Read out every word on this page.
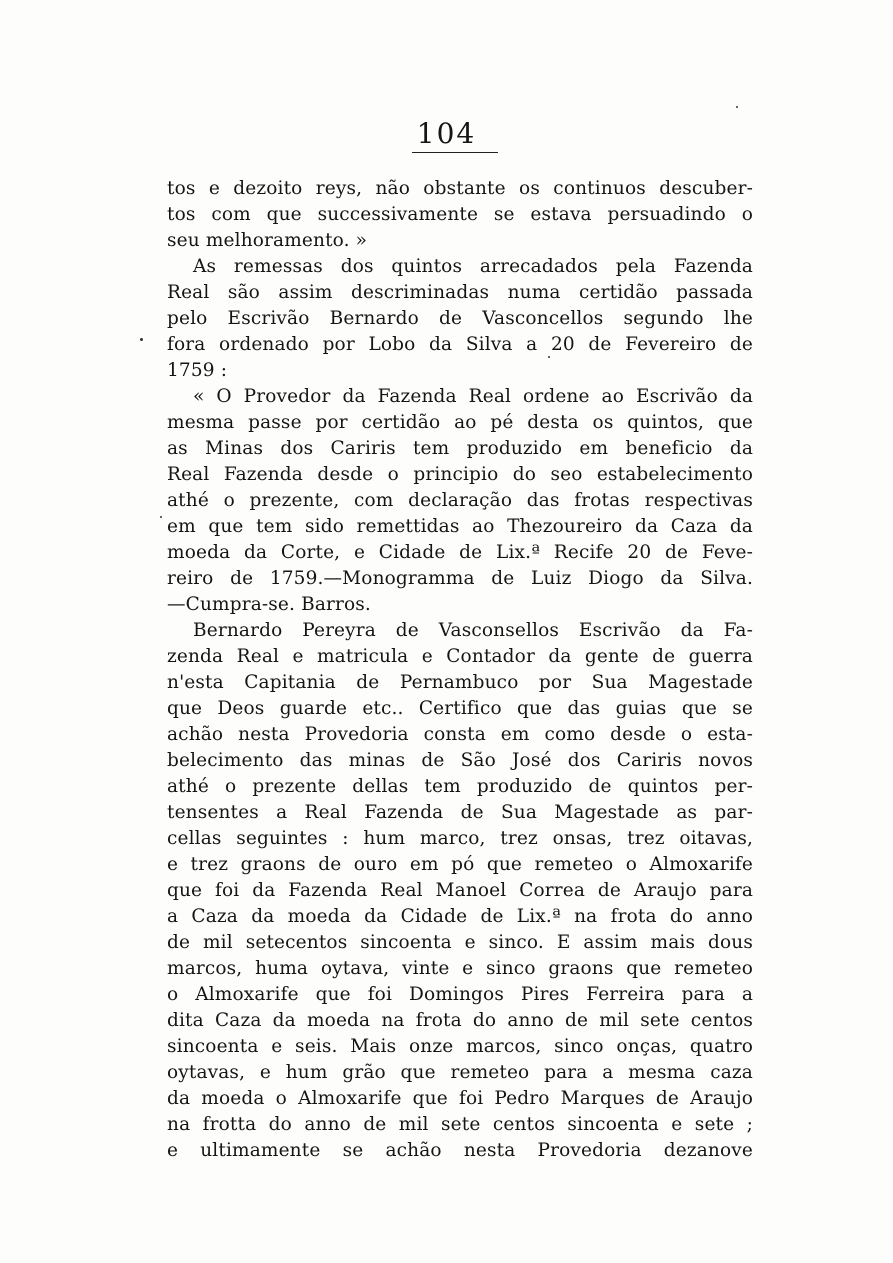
104
tos e dezoito reys, não obstante os continuos descuber-
tos com que successivamente se estava persuadindo o
seu melhoramento. »
As remessas dos quintos arrecadados pela Fazenda
Real são assim descriminadas numa certidão passada
pelo Escrivão Bernardo de Vasconcellos segundo lhe
fora ordenado por Lobo da Silva a 20 de Fevereiro de
1759 :
« O Provedor da Fazenda Real ordene ao Escrivão da
mesma passe por certidão ao pé desta os quintos, que
as Minas dos Cariris tem produzido em beneficio da
Real Fazenda desde o principio do seo estabelecimento
athé o prezente, com declaração das frotas respectivas
em que tem sido remettidas ao Thezoureiro da Caza da
moeda da Corte, e Cidade de Lix.ª Recife 20 de Feve-
reiro de 1759.—Monogramma de Luiz Diogo da Silva.
—Cumpra-se. Barros.
Bernardo Pereyra de Vasconsellos Escrivão da Fa-
zenda Real e matricula e Contador da gente de guerra
n'esta Capitania de Pernambuco por Sua Magestade
que Deos guarde etc.. Certifico que das guias que se
achão nesta Provedoria consta em como desde o esta-
belecimento das minas de São José dos Cariris novos
athé o prezente dellas tem produzido de quintos per-
tensentes a Real Fazenda de Sua Magestade as par-
cellas seguintes : hum marco, trez onsas, trez oitavas,
e trez graons de ouro em pó que remeteo o Almoxarife
que foi da Fazenda Real Manoel Correa de Araujo para
a Caza da moeda da Cidade de Lix.ª na frota do anno
de mil setecentos sincoenta e sinco. E assim mais dous
marcos, huma oytava, vinte e sinco graons que remeteo
o Almoxarife que foi Domingos Pires Ferreira para a
dita Caza da moeda na frota do anno de mil sete centos
sincoenta e seis. Mais onze marcos, sinco onças, quatro
oytavas, e hum grão que remeteo para a mesma caza
da moeda o Almoxarife que foi Pedro Marques de Araujo
na frotta do anno de mil sete centos sincoenta e sete ;
e ultimamente se achão nesta Provedoria dezanove
